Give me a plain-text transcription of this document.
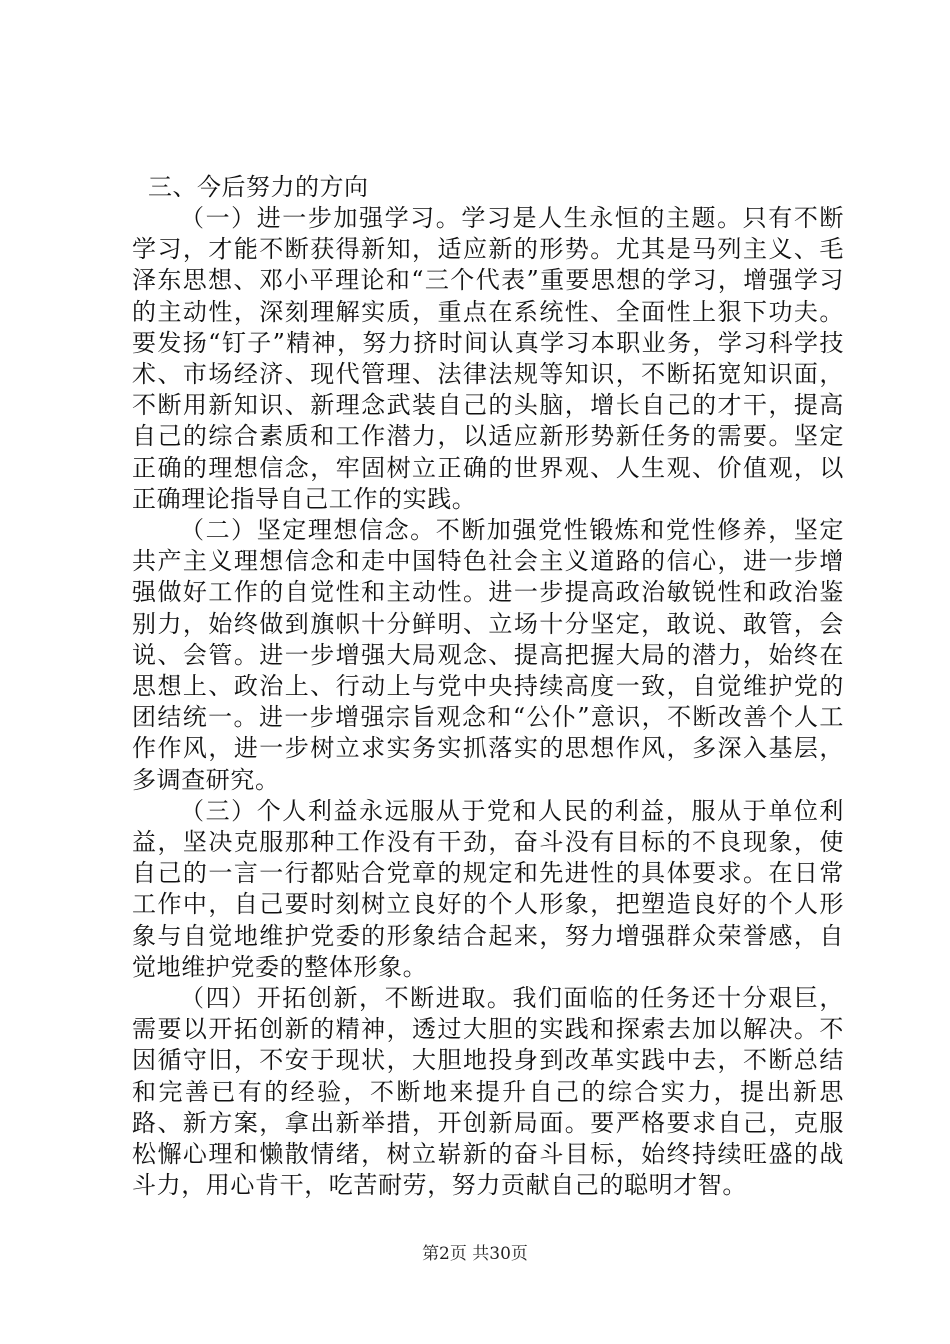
三、今后努力的方向

（一）进一步加强学习。学习是人生永恒的主题。只有不断学习，才能不断获得新知，适应新的形势。尤其是马列主义、毛泽东思想、邓小平理论和“三个代表”重要思想的学习，增强学习的主动性，深刻理解实质，重点在系统性、全面性上狠下功夫。要发扬“钉子”精神，努力挤时间认真学习本职业务，学习科学技术、市场经济、现代管理、法律法规等知识，不断拓宽知识面，不断用新知识、新理念武装自己的头脑，增长自己的才干，提高自己的综合素质和工作潜力，以适应新形势新任务的需要。坚定正确的理想信念，牢固树立正确的世界观、人生观、价值观，以正确理论指导自己工作的实践。

（二）坚定理想信念。不断加强党性锻炼和党性修养，坚定共产主义理想信念和走中国特色社会主义道路的信心，进一步增强做好工作的自觉性和主动性。进一步提高政治敏锐性和政治鉴别力，始终做到旗帜十分鲜明、立场十分坚定，敢说、敢管，会说、会管。进一步增强大局观念、提高把握大局的潜力，始终在思想上、政治上、行动上与党中央持续高度一致，自觉维护党的团结统一。进一步增强宗旨观念和“公仆”意识，不断改善个人工作作风，进一步树立求实务实抓落实的思想作风，多深入基层，多调查研究。

（三）个人利益永远服从于党和人民的利益，服从于单位利益，坚决克服那种工作没有干劲，奋斗没有目标的不良现象，使自己的一言一行都贴合党章的规定和先进性的具体要求。在日常工作中，自己要时刻树立良好的个人形象，把塑造良好的个人形象与自觉地维护党委的形象结合起来，努力增强群众荣誉感，自觉地维护党委的整体形象。

（四）开拓创新，不断进取。我们面临的任务还十分艰巨，需要以开拓创新的精神，透过大胆的实践和探索去加以解决。不因循守旧，不安于现状，大胆地投身到改革实践中去，不断总结和完善已有的经验，不断地来提升自己的综合实力，提出新思路、新方案，拿出新举措，开创新局面。要严格要求自己，克服松懈心理和懒散情绪，树立崭新的奋斗目标，始终持续旺盛的战斗力，用心肯干，吃苦耐劳，努力贡献自己的聪明才智。

第2页 共30页
